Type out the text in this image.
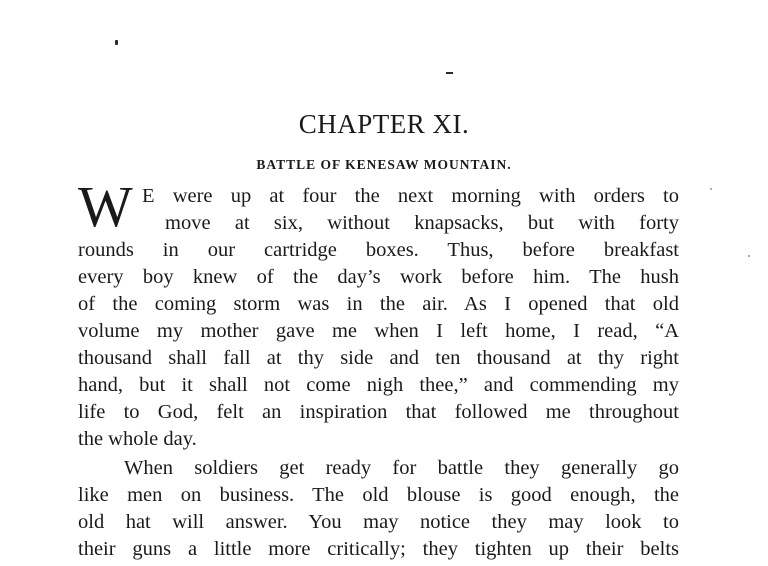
CHAPTER XI.
BATTLE OF KENESAW MOUNTAIN.
W E were up at four the next morning with orders to

move at six, without knapsacks, but with forty

rounds in our cartridge boxes. Thus, before breakfast

every boy knew of the day’s work before him. The hush

of the coming storm was in the air. As I opened that old

volume my mother gave me when I left home, I read, “A

thousand shall fall at thy side and ten thousand at thy right

hand, but it shall not come nigh thee,” and commending my

life to God, felt an inspiration that followed me throughout

the whole day.

When soldiers get ready for battle they generally go

like men on business. The old blouse is good enough, the

old hat will answer. You may notice they may look to

their guns a little more critically; they tighten up their belts
